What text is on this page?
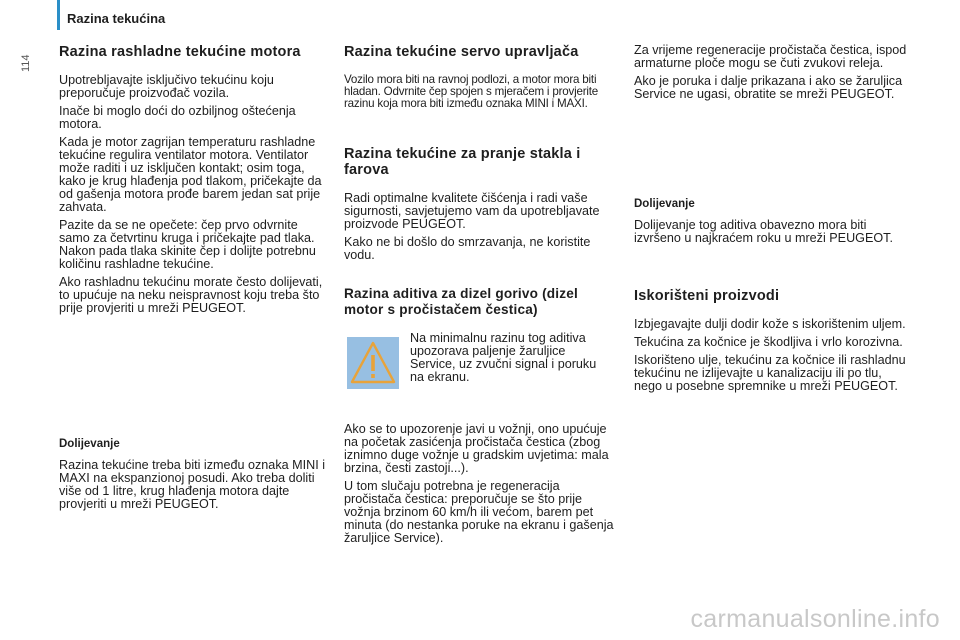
Razina tekućina
114
Razina rashladne tekućine motora

Upotrebljavajte isključivo tekućinu koju preporučuje proizvođač vozila.

Inače bi moglo doći do ozbiljnog oštećenja motora.

Kada je motor zagrijan temperaturu rashladne tekućine regulira ventilator motora. Ventilator može raditi i uz isključen kontakt; osim toga, kako je krug hlađenja pod tlakom, pričekajte da od gašenja motora prođe barem jedan sat prije zahvata.

Pazite da se ne opečete: čep prvo odvrnite samo za četvrtinu kruga i pričekajte pad tlaka. Nakon pada tlaka skinite čep i dolijte potrebnu količinu rashladne tekućine.

Ako rashladnu tekućinu morate često dolijevati, to upućuje na neku neispravnost koju treba što prije provjeriti u mreži PEUGEOT.

Dolijevanje

Razina tekućine treba biti između oznaka MINI i MAXI na ekspanzionoj posudi. Ako treba doliti više od 1 litre, krug hlađenja motora dajte provjeriti u mreži PEUGEOT.

Razina tekućine servo upravljača

Vozilo mora biti na ravnoj podlozi, a motor mora biti hladan. Odvrnite čep spojen s mjeračem i provjerite razinu koja mora biti između oznaka MINI i MAXI.

Razina tekućine za pranje stakla i farova

Radi optimalne kvalitete čišćenja i radi vaše sigurnosti, savjetujemo vam da upotrebljavate proizvode PEUGEOT.

Kako ne bi došlo do smrzavanja, ne koristite vodu.

Razina aditiva za dizel gorivo (dizel motor s pročistačem čestica)

Na minimalnu razinu tog aditiva upozorava paljenje žaruljice Service, uz zvučni signal i poruku na ekranu.

Ako se to upozorenje javi u vožnji, ono upućuje na početak zasićenja pročistača čestica (zbog iznimno duge vožnje u gradskim uvjetima: mala brzina, česti zastoji...).

U tom slučaju potrebna je regeneracija pročistača čestica: preporučuje se što prije vožnja brzinom 60 km/h ili većom, barem pet minuta (do nestanka poruke na ekranu i gašenja žaruljice Service).

Za vrijeme regeneracije pročistača čestica, ispod armaturne ploče mogu se čuti zvukovi releja.

Ako je poruka i dalje prikazana i ako se žaruljica Service ne ugasi, obratite se mreži PEUGEOT.

Dolijevanje

Dolijevanje tog aditiva obavezno mora biti izvršeno u najkraćem roku u mreži PEUGEOT.

Iskorišteni proizvodi

Izbjegavajte dulji dodir kože s iskorištenim uljem.

Tekućina za kočnice je škodljiva i vrlo korozivna.

Iskorišteno ulje, tekućinu za kočnice ili rashladnu tekućinu ne izlijevajte u kanalizaciju ili po tlu, nego u posebne spremnike u mreži PEUGEOT.

carmanualsonline.info
